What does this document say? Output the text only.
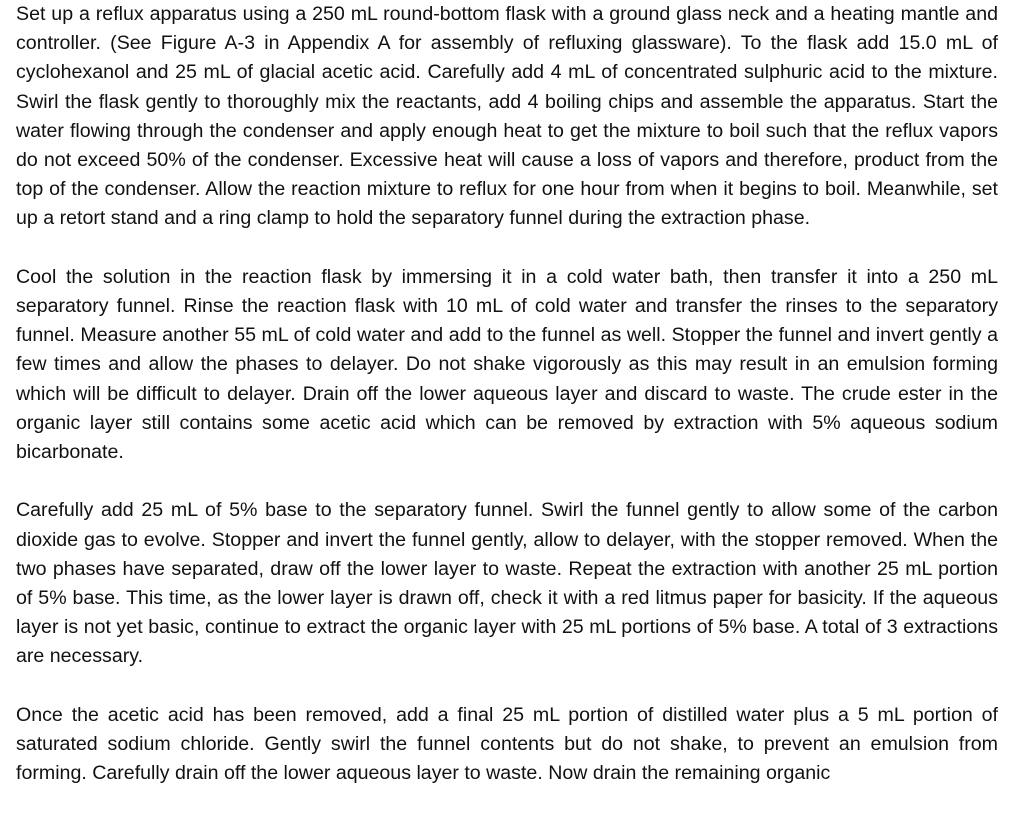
Set up a reflux apparatus using a 250 mL round-bottom flask with a ground glass neck and a heating mantle and controller. (See Figure A-3 in Appendix A for assembly of refluxing glassware). To the flask add 15.0 mL of cyclohexanol and 25 mL of glacial acetic acid. Carefully add 4 mL of concentrated sulphuric acid to the mixture. Swirl the flask gently to thoroughly mix the reactants, add 4 boiling chips and assemble the apparatus. Start the water flowing through the condenser and apply enough heat to get the mixture to boil such that the reflux vapors do not exceed 50% of the condenser. Excessive heat will cause a loss of vapors and therefore, product from the top of the condenser. Allow the reaction mixture to reflux for one hour from when it begins to boil. Meanwhile, set up a retort stand and a ring clamp to hold the separatory funnel during the extraction phase.

Cool the solution in the reaction flask by immersing it in a cold water bath, then transfer it into a 250 mL separatory funnel. Rinse the reaction flask with 10 mL of cold water and transfer the rinses to the separatory funnel. Measure another 55 mL of cold water and add to the funnel as well. Stopper the funnel and invert gently a few times and allow the phases to delayer. Do not shake vigorously as this may result in an emulsion forming which will be difficult to delayer. Drain off the lower aqueous layer and discard to waste. The crude ester in the organic layer still contains some acetic acid which can be removed by extraction with 5% aqueous sodium bicarbonate.

Carefully add 25 mL of 5% base to the separatory funnel. Swirl the funnel gently to allow some of the carbon dioxide gas to evolve. Stopper and invert the funnel gently, allow to delayer, with the stopper removed. When the two phases have separated, draw off the lower layer to waste. Repeat the extraction with another 25 mL portion of 5% base. This time, as the lower layer is drawn off, check it with a red litmus paper for basicity. If the aqueous layer is not yet basic, continue to extract the organic layer with 25 mL portions of 5% base. A total of 3 extractions are necessary.

Once the acetic acid has been removed, add a final 25 mL portion of distilled water plus a 5 mL portion of saturated sodium chloride. Gently swirl the funnel contents but do not shake, to prevent an emulsion from forming. Carefully drain off the lower aqueous layer to waste. Now drain the remaining organic
